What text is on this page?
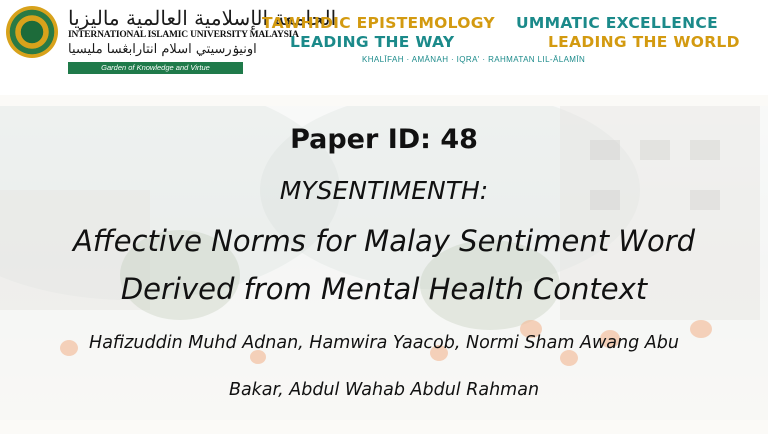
الجامعة الإسلامية العالمية ماليزيا
INTERNATIONAL ISLAMIC UNIVERSITY MALAYSIA
اونيۏرسيتي اسلام انتارابڠسا مليسيا
Garden of Knowledge and Virtue
TAWHIDIC EPISTEMOLOGY
LEADING THE WAY
UMMATIC EXCELLENCE
LEADING THE WORLD
KHALĪFAH · AMĀNAH · IQRA' · RAHMATAN LIL-ĀLAMĪN
Paper ID: 48
MYSENTIMENTH:
Affective Norms for Malay Sentiment Word
Derived from Mental Health Context
Hafizuddin Muhd Adnan, Hamwira Yaacob, Normi Sham Awang Abu
Bakar, Abdul Wahab Abdul Rahman
